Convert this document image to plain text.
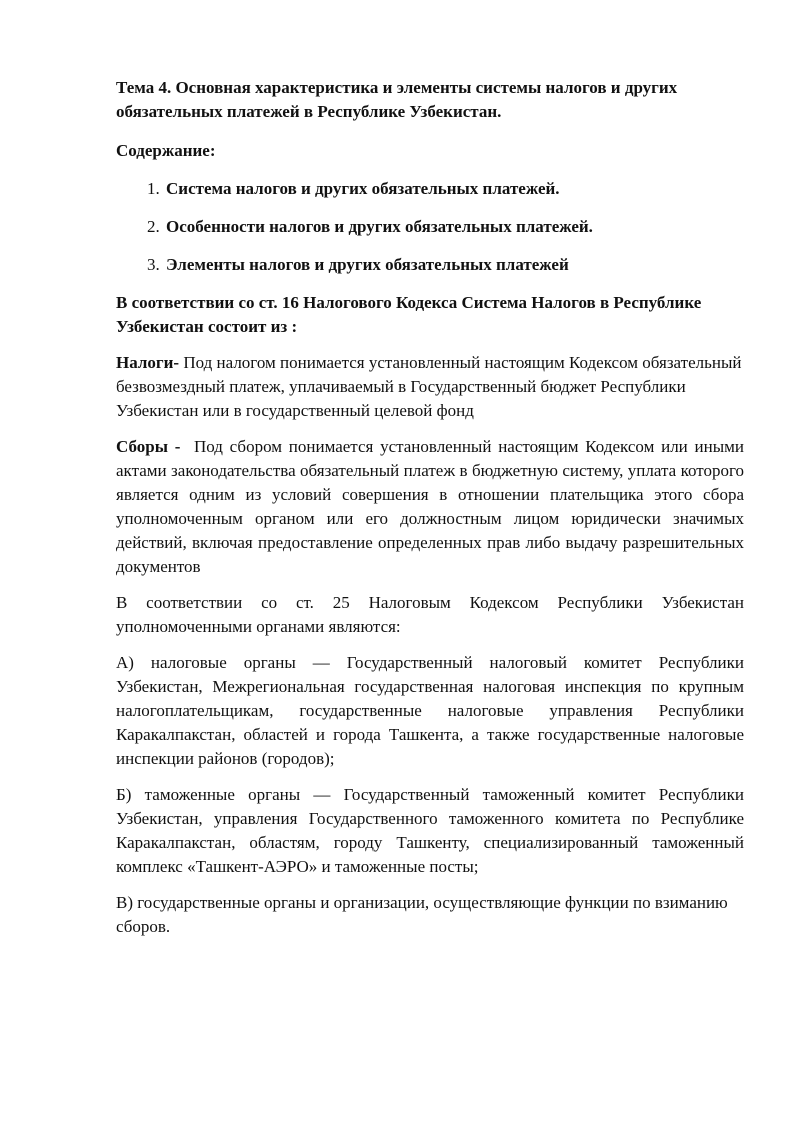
Тема 4. Основная характеристика и элементы системы налогов и других обязательных платежей в Республике Узбекистан.

Содержание:

1. Система налогов и других обязательных платежей.
2. Особенности налогов и других обязательных платежей.
3. Элементы налогов и других обязательных платежей

В соответствии со ст. 16 Налогового Кодекса Система Налогов в Республике Узбекистан состоит из :

Налоги- Под налогом понимается установленный настоящим Кодексом обязательный безвозмездный платеж, уплачиваемый в Государственный бюджет Республики Узбекистан или в государственный целевой фонд

Сборы - Под сбором понимается установленный настоящим Кодексом или иными актами законодательства обязательный платеж в бюджетную систему, уплата которого является одним из условий совершения в отношении плательщика этого сбора уполномоченным органом или его должностным лицом юридически значимых действий, включая предоставление определенных прав либо выдачу разрешительных документов

В соответствии со ст. 25 Налоговым Кодексом Республики Узбекистан уполномоченными органами являются:

А) налоговые органы — Государственный налоговый комитет Республики Узбекистан, Межрегиональная государственная налоговая инспекция по крупным налогоплательщикам, государственные налоговые управления Республики Каракалпакстан, областей и города Ташкента, а также государственные налоговые инспекции районов (городов);

Б) таможенные органы — Государственный таможенный комитет Республики Узбекистан, управления Государственного таможенного комитета по Республике Каракалпакстан, областям, городу Ташкенту, специализированный таможенный комплекс «Ташкент-АЭРО» и таможенные посты;

В) государственные органы и организации, осуществляющие функции по взиманию сборов.
